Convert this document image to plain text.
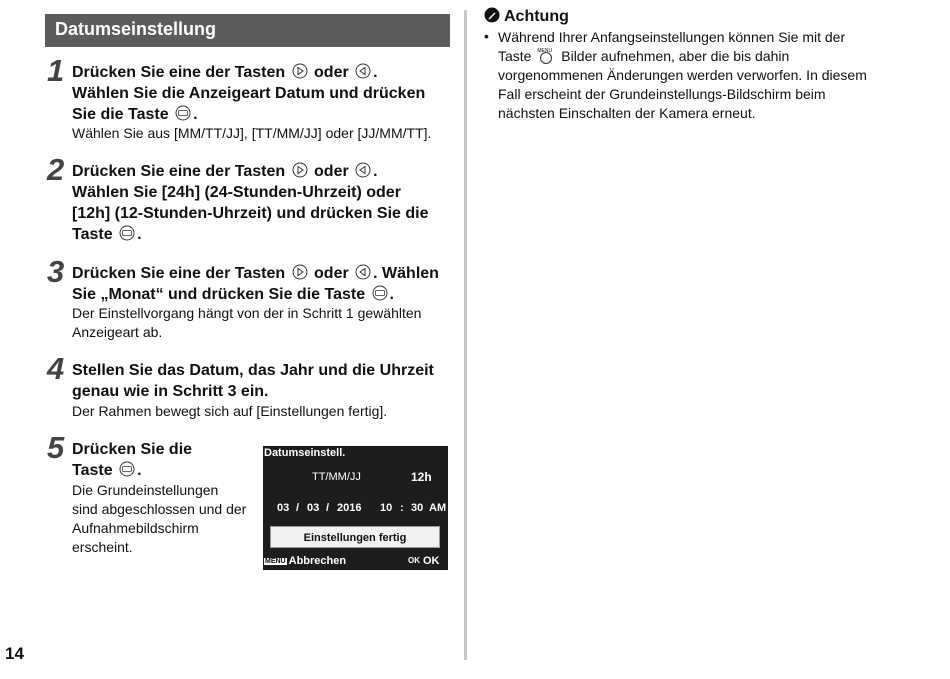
Datumseinstellung
1 Drücken Sie eine der Tasten oder .
Wählen Sie die Anzeigeart Datum und drücken
Sie die Taste .
Wählen Sie aus [MM/TT/JJ], [TT/MM/JJ] oder [JJ/MM/TT].
2 Drücken Sie eine der Tasten oder .
Wählen Sie [24h] (24-Stunden-Uhrzeit) oder
[12h] (12-Stunden-Uhrzeit) und drücken Sie die
Taste .
3 Drücken Sie eine der Tasten oder . Wählen
Sie „Monat“ und drücken Sie die Taste .
Der Einstellvorgang hängt von der in Schritt 1 gewählten
Anzeigeart ab.
4 Stellen Sie das Datum, das Jahr und die Uhrzeit
genau wie in Schritt 3 ein.
Der Rahmen bewegt sich auf [Einstellungen fertig].
5 Drücken Sie die
Taste .
Die Grundeinstellungen
sind abgeschlossen und der
Aufnahmebildschirm
erscheint.
Datumseinstell.
TT/MM/JJ	12h
03 / 03 / 2016 10 : 30 AM
Einstellungen fertig
MENU Abbrechen	OK OK
Achtung
• Während Ihrer Anfangseinstellungen können Sie mit der
Taste MENU Bilder aufnehmen, aber die bis dahin
vorgenommenen Änderungen werden verworfen. In diesem
Fall erscheint der Grundeinstellungs-Bildschirm beim
nächsten Einschalten der Kamera erneut.
14
